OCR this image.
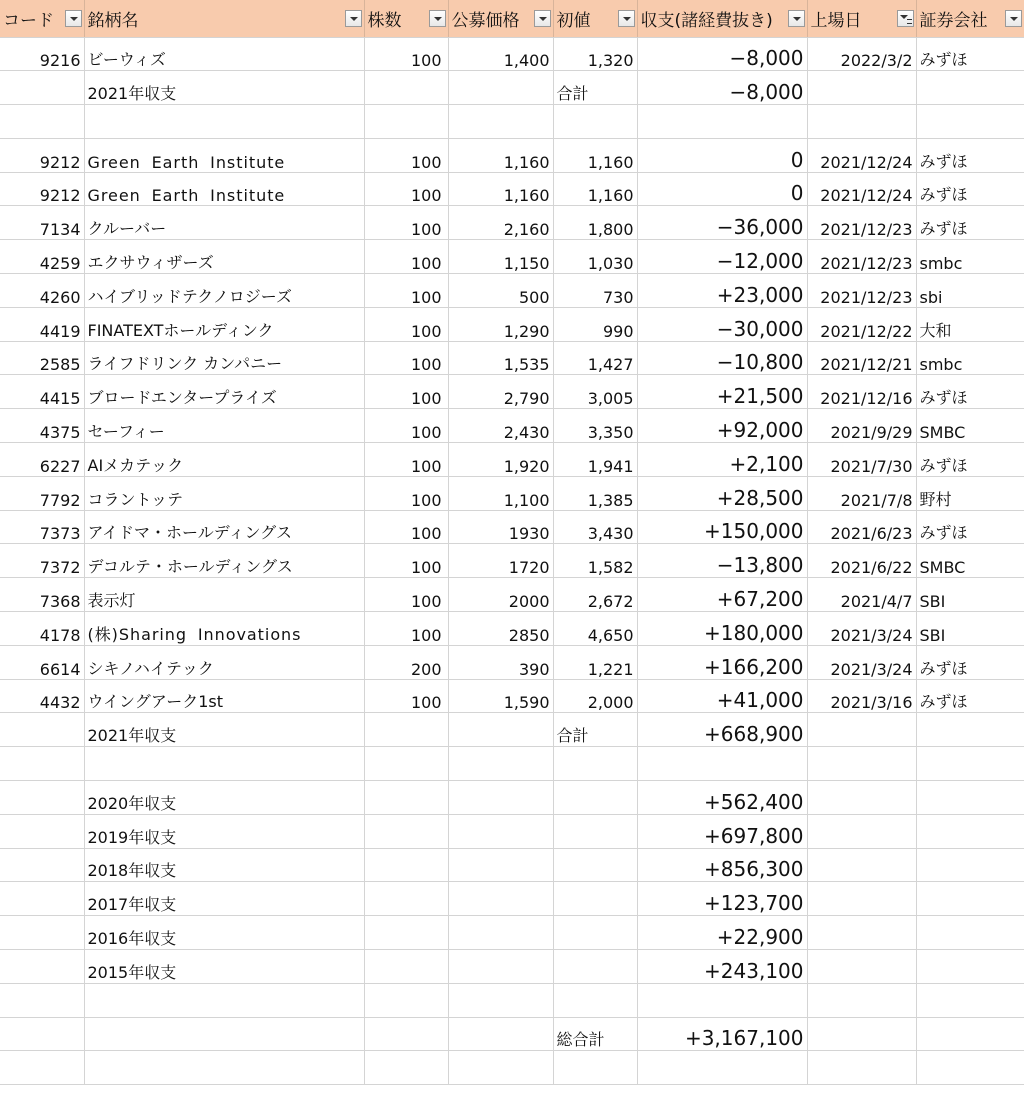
コード	銘柄名	株数	公募価格	初値	収支(諸経費抜き)	上場日	証券会社

9216	ビーウィズ	100	1,400	1,320	−8,000	2022/3/2	みずほ
	2021年収支			合計	−8,000		

9212	Green Earth Institute	100	1,160	1,160	0	2021/12/24	みずほ
9212	Green Earth Institute	100	1,160	1,160	0	2021/12/24	みずほ
7134	クルーバー	100	2,160	1,800	−36,000	2021/12/23	みずほ
4259	エクサウィザーズ	100	1,150	1,030	−12,000	2021/12/23	smbc
4260	ハイブリッドテクノロジーズ	100	500	730	+23,000	2021/12/23	sbi
4419	FINATEXTホールディンク	100	1,290	990	−30,000	2021/12/22	大和
2585	ライフドリンク カンパニー	100	1,535	1,427	−10,800	2021/12/21	smbc
4415	ブロードエンタープライズ	100	2,790	3,005	+21,500	2021/12/16	みずほ
4375	セーフィー	100	2,430	3,350	+92,000	2021/9/29	SMBC
6227	AIメカテック	100	1,920	1,941	+2,100	2021/7/30	みずほ
7792	コラントッテ	100	1,100	1,385	+28,500	2021/7/8	野村
7373	アイドマ・ホールディングス	100	1930	3,430	+150,000	2021/6/23	みずほ
7372	デコルテ・ホールディングス	100	1720	1,582	−13,800	2021/6/22	SMBC
7368	表示灯	100	2000	2,672	+67,200	2021/4/7	SBI
4178	(株)Sharing Innovations	100	2850	4,650	+180,000	2021/3/24	SBI
6614	シキノハイテック	200	390	1,221	+166,200	2021/3/24	みずほ
4432	ウイングアーク1st	100	1,590	2,000	+41,000	2021/3/16	みずほ
	2021年収支			合計	+668,900		

	2020年収支				+562,400		
	2019年収支				+697,800		
	2018年収支				+856,300		
	2017年収支				+123,700		
	2016年収支				+22,900		
	2015年収支				+243,100		

				総合計	+3,167,100		
